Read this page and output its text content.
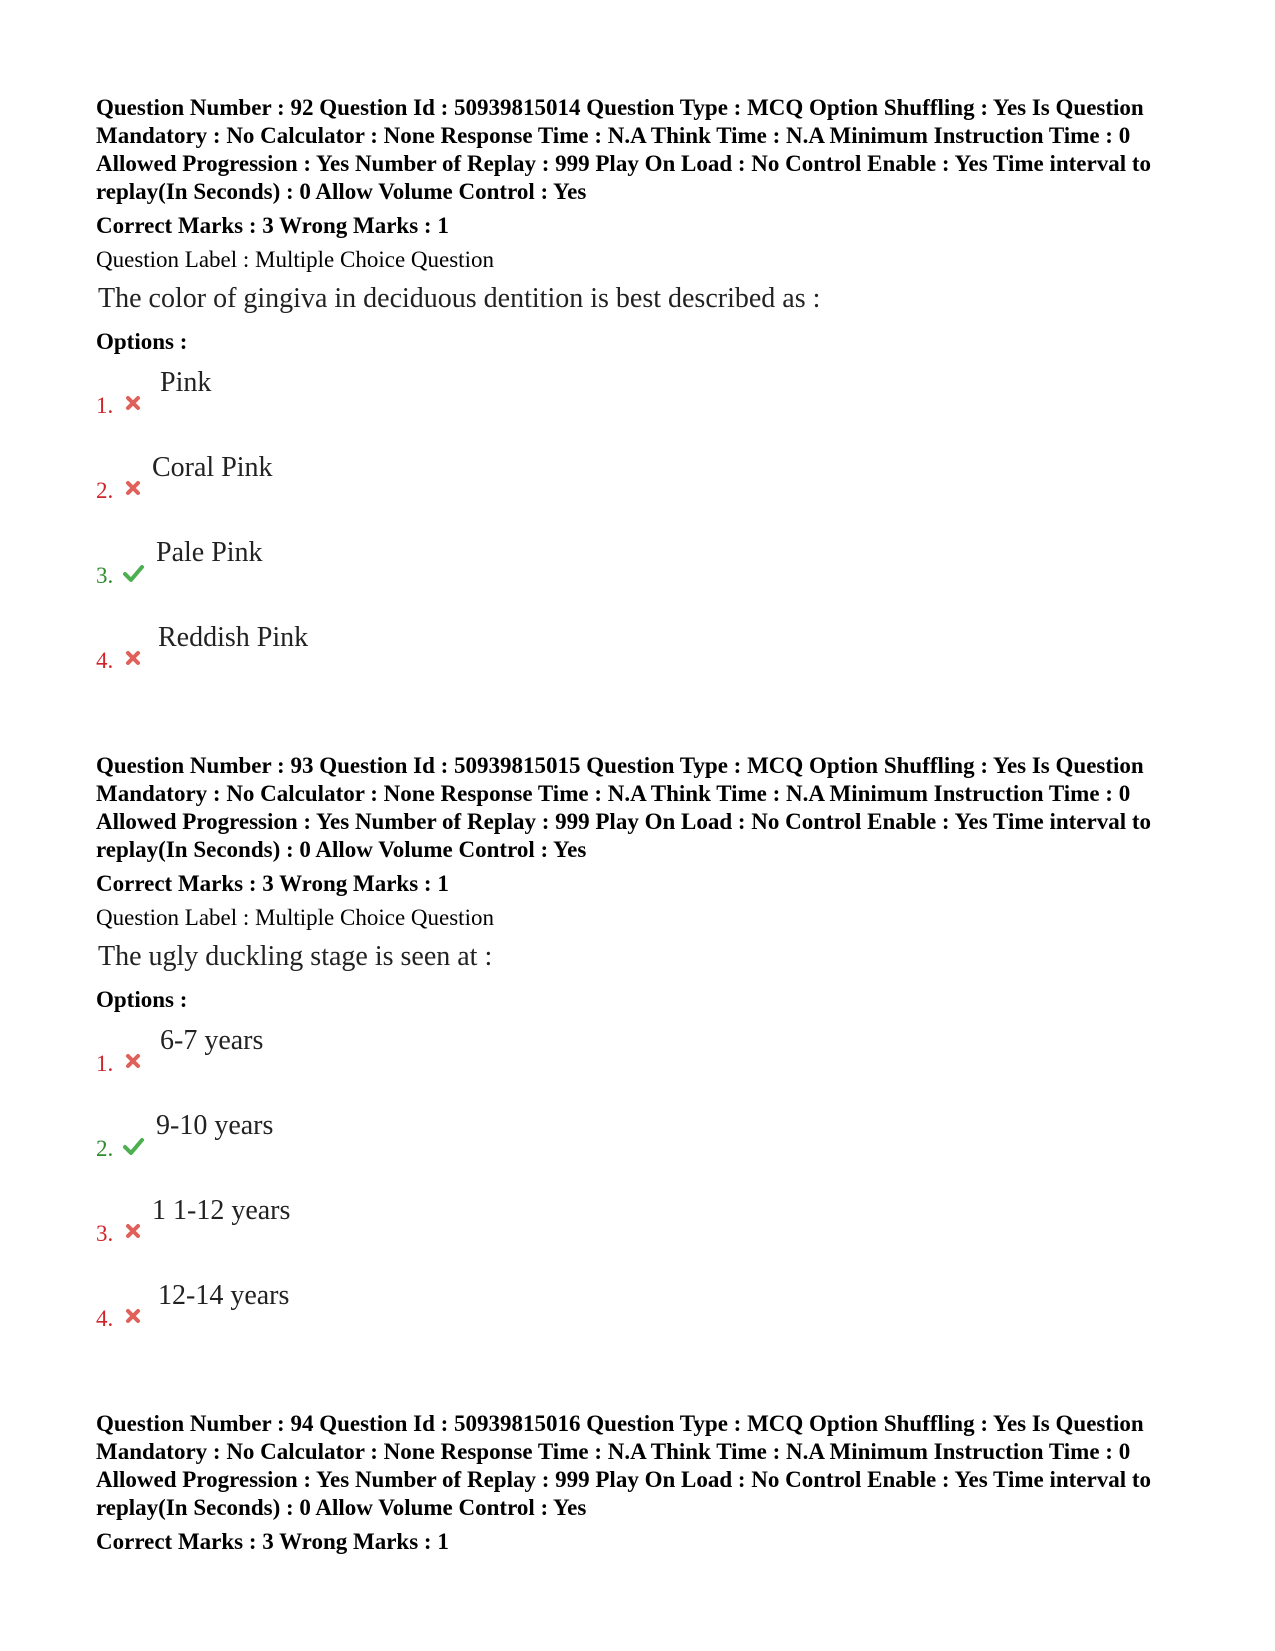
Question Number : 92 Question Id : 50939815014 Question Type : MCQ Option Shuffling : Yes Is Question Mandatory : No Calculator : None Response Time : N.A Think Time : N.A Minimum Instruction Time : 0 Allowed Progression : Yes Number of Replay : 999 Play On Load : No Control Enable : Yes Time interval to replay(In Seconds) : 0 Allow Volume Control : Yes

Correct Marks : 3 Wrong Marks : 1
Question Label : Multiple Choice Question
The color of gingiva in deciduous dentition is best described as :
Options :
1.
Pink
2.
Coral Pink
3.
Pale Pink
4.
Reddish Pink

Question Number : 93 Question Id : 50939815015 Question Type : MCQ Option Shuffling : Yes Is Question Mandatory : No Calculator : None Response Time : N.A Think Time : N.A Minimum Instruction Time : 0 Allowed Progression : Yes Number of Replay : 999 Play On Load : No Control Enable : Yes Time interval to replay(In Seconds) : 0 Allow Volume Control : Yes

Correct Marks : 3 Wrong Marks : 1
Question Label : Multiple Choice Question
The ugly duckling stage is seen at :
Options :
1.
6-7 years
2.
9-10 years
3.
1 1-12 years
4.
12-14 years

Question Number : 94 Question Id : 50939815016 Question Type : MCQ Option Shuffling : Yes Is Question Mandatory : No Calculator : None Response Time : N.A Think Time : N.A Minimum Instruction Time : 0 Allowed Progression : Yes Number of Replay : 999 Play On Load : No Control Enable : Yes Time interval to replay(In Seconds) : 0 Allow Volume Control : Yes

Correct Marks : 3 Wrong Marks : 1
